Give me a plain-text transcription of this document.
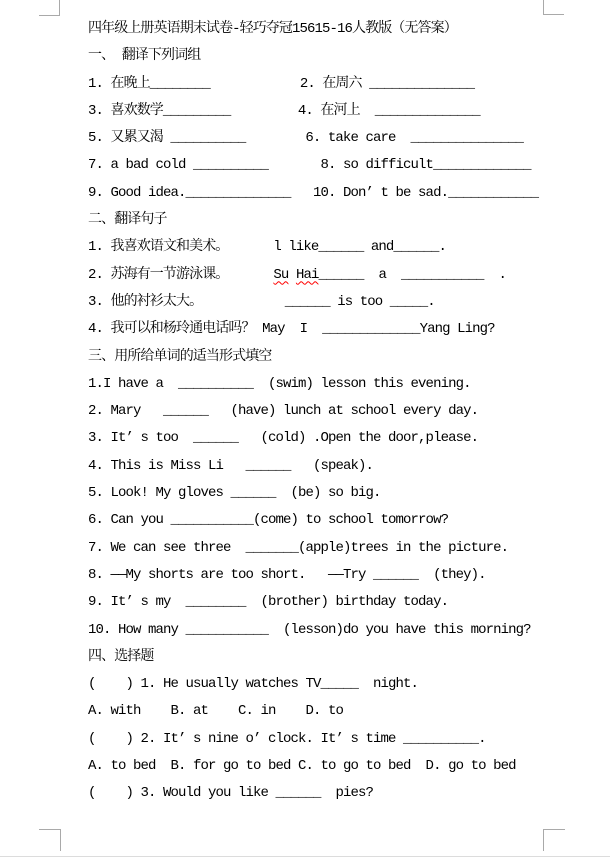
四年级上册英语期末试卷-轻巧夺冠15615-16人教版（无答案）
一、 翻译下列词组
1. 在晚上________            2. 在周六 ______________
3. 喜欢数学_________         4. 在河上  ______________
5. 又累又渴 __________        6. take care  _______________
7. a bad cold __________       8. so difficult_____________
9. Good idea.______________   10. Don’ t be sad.____________
二、翻译句子
1. 我喜欢语文和美术。      l like______ and______.
2. 苏海有一节游泳课。      Su Hai______  a  ___________  .
3. 他的衬衫太大。           ______ is too _____.
4. 我可以和杨玲通电话吗？ May  I  _____________Yang Ling?
三、用所给单词的适当形式填空
1.I have a  __________  (swim) lesson this evening.
2. Mary   ______   (have) lunch at school every day.
3. It’ s too  ______   (cold) .Open the door,please.
4. This is Miss Li   ______   (speak).
5. Look! My gloves ______  (be) so big.
6. Can you ___________(come) to school tomorrow?
7. We can see three  _______(apple)trees in the picture.
8. ——My shorts are too short.   ——Try ______  (they).
9. It’ s my  ________  (brother) birthday today.
10. How many ___________  (lesson)do you have this morning?
四、选择题
(    ) 1. He usually watches TV_____  night.
A. with    B. at    C. in    D. to
(    ) 2. It’ s nine o’ clock. It’ s time __________.
A. to bed  B. for go to bed C. to go to bed  D. go to bed
(    ) 3. Would you like ______  pies?
